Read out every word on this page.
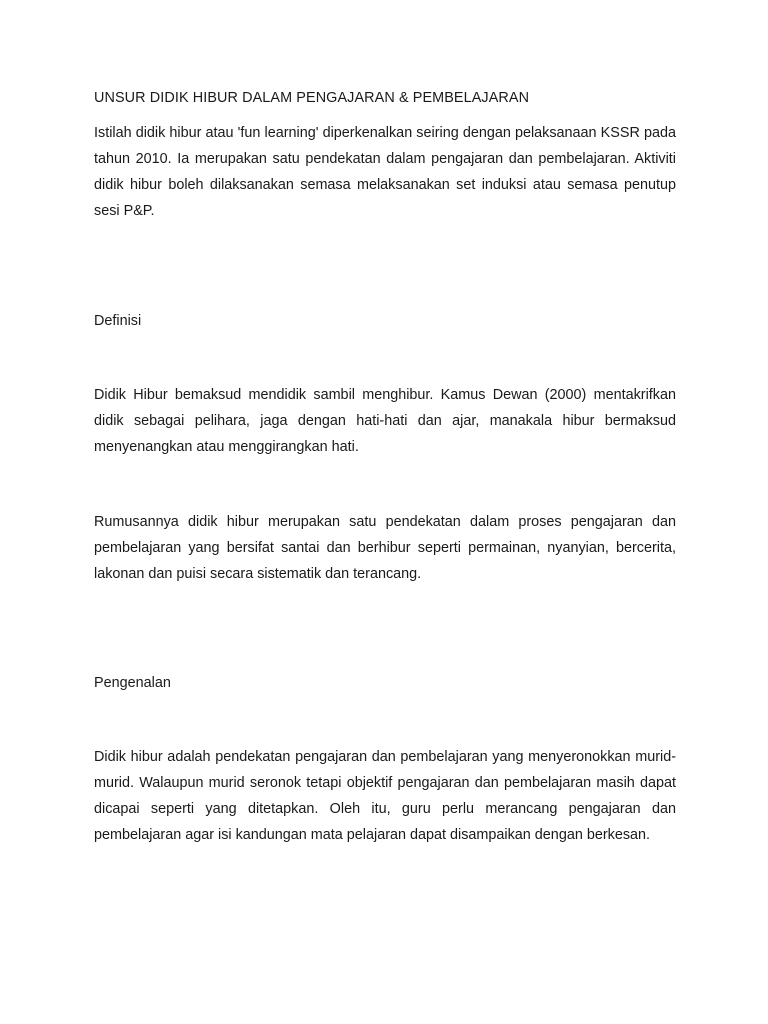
UNSUR DIDIK HIBUR DALAM PENGAJARAN & PEMBELAJARAN

Istilah didik hibur atau 'fun learning' diperkenalkan seiring dengan pelaksanaan KSSR pada tahun 2010. Ia merupakan satu pendekatan dalam pengajaran dan pembelajaran. Aktiviti didik hibur boleh dilaksanakan semasa melaksanakan set induksi atau semasa penutup sesi P&P.

Definisi

Didik Hibur bemaksud mendidik sambil menghibur. Kamus Dewan (2000) mentakrifkan didik sebagai pelihara, jaga dengan hati-hati dan ajar, manakala hibur bermaksud menyenangkan atau menggirangkan hati.

Rumusannya didik hibur merupakan satu pendekatan dalam proses pengajaran dan pembelajaran yang bersifat santai dan berhibur seperti permainan, nyanyian, bercerita, lakonan dan puisi secara sistematik dan terancang.

Pengenalan

Didik hibur adalah pendekatan pengajaran dan pembelajaran yang menyeronokkan murid-murid. Walaupun murid seronok tetapi objektif pengajaran dan pembelajaran masih dapat dicapai seperti yang ditetapkan. Oleh itu, guru perlu merancang pengajaran dan pembelajaran agar isi kandungan mata pelajaran dapat disampaikan dengan berkesan.
